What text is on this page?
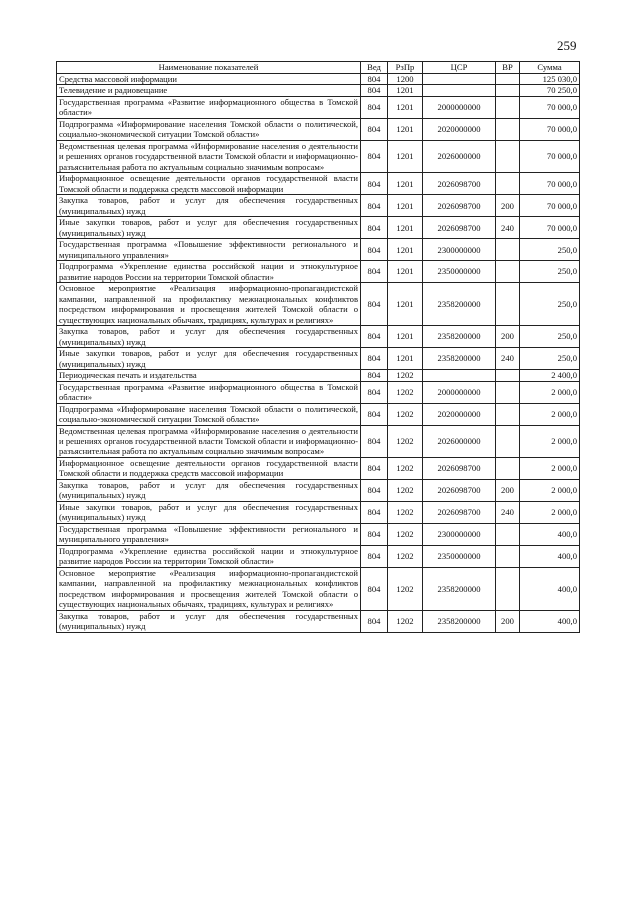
259
Наименование показателей	Вед	РзПр	ЦСР	ВР	Сумма
Средства массовой информации	804	1200			125 030,0
Телевидение и радиовещание	804	1201			70 250,0
Государственная программа «Развитие информационного общества в Томской области»	804	1201	2000000000		70 000,0
Подпрограмма «Информирование населения Томской области о политической, социально-экономической ситуации Томской области»	804	1201	2020000000		70 000,0
Ведомственная целевая программа «Информирование населения о деятельности и решениях органов государственной власти Томской области и информационно-разъяснительная работа по актуальным социально значимым вопросам»	804	1201	2026000000		70 000,0
Информационное освещение деятельности органов государственной власти Томской области и поддержка средств массовой информации	804	1201	2026098700		70 000,0
Закупка товаров, работ и услуг для обеспечения государственных (муниципальных) нужд	804	1201	2026098700	200	70 000,0
Иные закупки товаров, работ и услуг для обеспечения государственных (муниципальных) нужд	804	1201	2026098700	240	70 000,0
Государственная программа «Повышение эффективности регионального и муниципального управления»	804	1201	2300000000		250,0
Подпрограмма «Укрепление единства российской нации и этнокультурное развитие народов России на территории Томской области»	804	1201	2350000000		250,0
Основное мероприятие «Реализация информационно-пропагандистской кампании, направленной на профилактику межнациональных конфликтов посредством информирования и просвещения жителей Томской области о существующих национальных обычаях, традициях, культурах и религиях»	804	1201	2358200000		250,0
Закупка товаров, работ и услуг для обеспечения государственных (муниципальных) нужд	804	1201	2358200000	200	250,0
Иные закупки товаров, работ и услуг для обеспечения государственных (муниципальных) нужд	804	1201	2358200000	240	250,0
Периодическая печать и издательства	804	1202			2 400,0
Государственная программа «Развитие информационного общества в Томской области»	804	1202	2000000000		2 000,0
Подпрограмма «Информирование населения Томской области о политической, социально-экономической ситуации Томской области»	804	1202	2020000000		2 000,0
Ведомственная целевая программа «Информирование населения о деятельности и решениях органов государственной власти Томской области и информационно-разъяснительная работа по актуальным социально значимым вопросам»	804	1202	2026000000		2 000,0
Информационное освещение деятельности органов государственной власти Томской области и поддержка средств массовой информации	804	1202	2026098700		2 000,0
Закупка товаров, работ и услуг для обеспечения государственных (муниципальных) нужд	804	1202	2026098700	200	2 000,0
Иные закупки товаров, работ и услуг для обеспечения государственных (муниципальных) нужд	804	1202	2026098700	240	2 000,0
Государственная программа «Повышение эффективности регионального и муниципального управления»	804	1202	2300000000		400,0
Подпрограмма «Укрепление единства российской нации и этнокультурное развитие народов России на территории Томской области»	804	1202	2350000000		400,0
Основное мероприятие «Реализация информационно-пропагандистской кампании, направленной на профилактику межнациональных конфликтов посредством информирования и просвещения жителей Томской области о существующих национальных обычаях, традициях, культурах и религиях»	804	1202	2358200000		400,0
Закупка товаров, работ и услуг для обеспечения государственных (муниципальных) нужд	804	1202	2358200000	200	400,0
